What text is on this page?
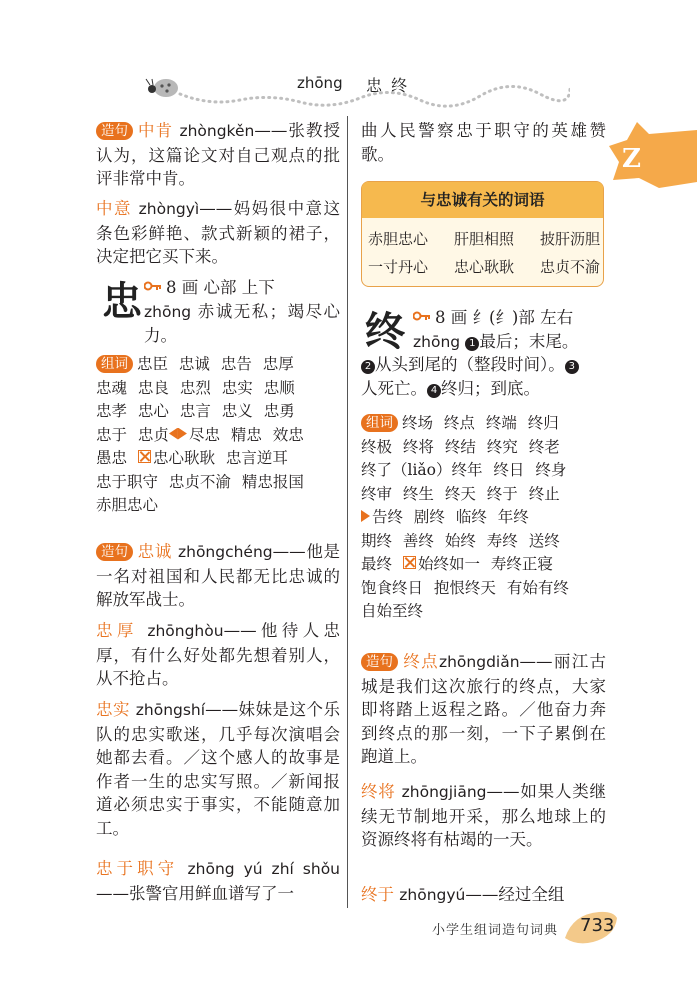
zhōng 忠 终
Z
造句 中肯 zhòngkěn——张教授认为，这篇论文对自己观点的批评非常中肯。
中意 zhòngyì——妈妈很中意这条色彩鲜艳、款式新颖的裙子，决定把它买下来。
忠	8 画 心部 上下
zhōng 赤诚无私；竭尽心力。
组词 忠臣 忠诚 忠告 忠厚
忠魂 忠良 忠烈 忠实 忠顺
忠孝 忠心 忠言 忠义 忠勇
忠于 忠贞 尽忠 精忠 效忠
愚忠 忠心耿耿 忠言逆耳
忠于职守 忠贞不渝 精忠报国
赤胆忠心
造句 忠诚 zhōngchéng——他是一名对祖国和人民都无比忠诚的解放军战士。
忠厚 zhōnghòu——他待人忠厚，有什么好处都先想着别人，从不抢占。
忠实 zhōngshí——妹妹是这个乐队的忠实歌迷，几乎每次演唱会她都去看。／这个感人的故事是作者一生的忠实写照。／新闻报道必须忠实于事实，不能随意加工。
忠于职守 zhōng yú zhí shǒu——张警官用鲜血谱写了一
曲人民警察忠于职守的英雄赞歌。
与忠诚有关的词语
赤胆忠心 肝胆相照 披肝沥胆
一寸丹心 忠心耿耿 忠贞不渝
终	8 画 纟(纟)部 左右
zhōng 1 最后；末尾。
2 从头到尾的（整段时间）。 3
人死亡。 4 终归；到底。
组词 终场 终点 终端 终归
终极 终将 终结 终究 终老
终了（liǎo）终年 终日 终身
终审 终生 终天 终于 终止
告终 剧终 临终 年终
期终 善终 始终 寿终 送终
最终 始终如一 寿终正寝
饱食终日 抱恨终天 有始有终
自始至终
造句 终点zhōngdiǎn——丽江古城是我们这次旅行的终点，大家即将踏上返程之路。／他奋力奔到终点的那一刻，一下子累倒在跑道上。
终将 zhōngjiāng——如果人类继续无节制地开采，那么地球上的资源终将有枯竭的一天。
终于 zhōngyú——经过全组
小学生组词造句词典 733
